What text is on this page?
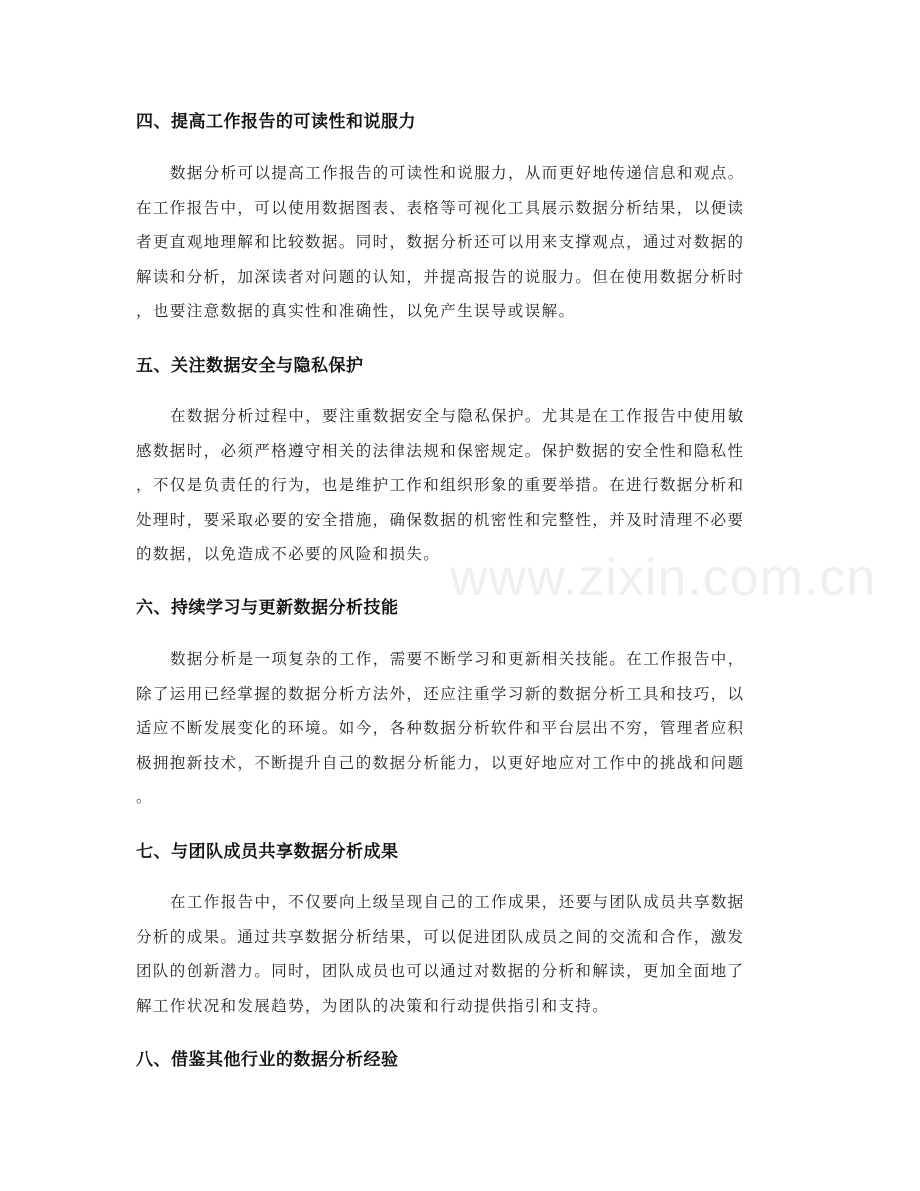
四、提高工作报告的可读性和说服力

数据分析可以提高工作报告的可读性和说服力，从而更好地传递信息和观点。
在工作报告中，可以使用数据图表、表格等可视化工具展示数据分析结果，以便读
者更直观地理解和比较数据。同时，数据分析还可以用来支撑观点，通过对数据的
解读和分析，加深读者对问题的认知，并提高报告的说服力。但在使用数据分析时
，也要注意数据的真实性和准确性，以免产生误导或误解。

五、关注数据安全与隐私保护

在数据分析过程中，要注重数据安全与隐私保护。尤其是在工作报告中使用敏
感数据时，必须严格遵守相关的法律法规和保密规定。保护数据的安全性和隐私性
，不仅是负责任的行为，也是维护工作和组织形象的重要举措。在进行数据分析和
处理时，要采取必要的安全措施，确保数据的机密性和完整性，并及时清理不必要
的数据，以免造成不必要的风险和损失。

六、持续学习与更新数据分析技能

数据分析是一项复杂的工作，需要不断学习和更新相关技能。在工作报告中，
除了运用已经掌握的数据分析方法外，还应注重学习新的数据分析工具和技巧，以
适应不断发展变化的环境。如今，各种数据分析软件和平台层出不穷，管理者应积
极拥抱新技术，不断提升自己的数据分析能力，以更好地应对工作中的挑战和问题
。

七、与团队成员共享数据分析成果

在工作报告中，不仅要向上级呈现自己的工作成果，还要与团队成员共享数据
分析的成果。通过共享数据分析结果，可以促进团队成员之间的交流和合作，激发
团队的创新潜力。同时，团队成员也可以通过对数据的分析和解读，更加全面地了
解工作状况和发展趋势，为团队的决策和行动提供指引和支持。

八、借鉴其他行业的数据分析经验
www.zixin.com.cn
